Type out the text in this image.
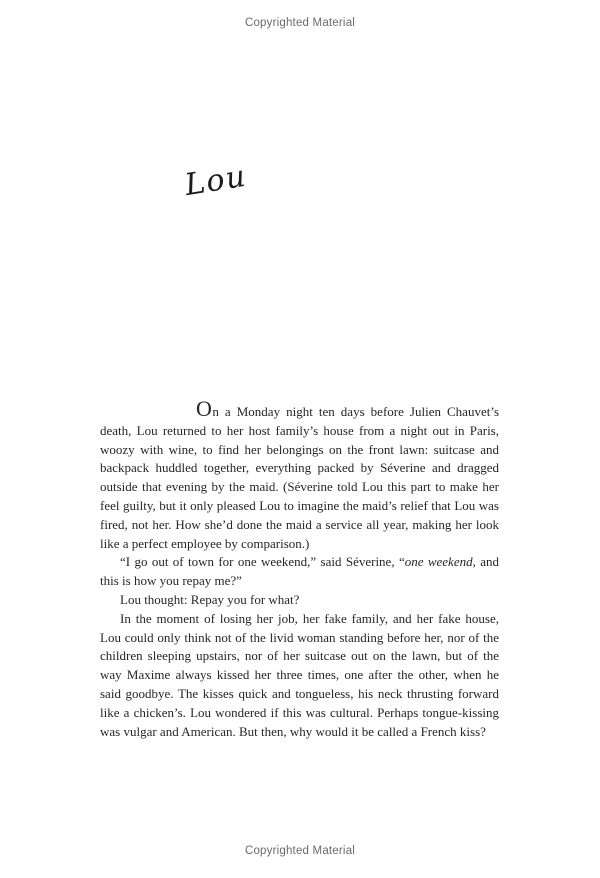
Copyrighted Material
Lou

On a Monday night ten days before Julien Chauvet’s death, Lou returned to her host family’s house from a night out in Paris, woozy with wine, to find her belongings on the front lawn: suitcase and backpack huddled together, everything packed by Séverine and dragged outside that evening by the maid. (Séverine told Lou this part to make her feel guilty, but it only pleased Lou to imagine the maid’s relief that Lou was fired, not her. How she’d done the maid a service all year, making her look like a perfect employee by comparison.)

“I go out of town for one weekend,” said Séverine, “one weekend, and this is how you repay me?”

Lou thought: Repay you for what?

In the moment of losing her job, her fake family, and her fake house, Lou could only think not of the livid woman standing before her, nor of the children sleeping upstairs, nor of her suitcase out on the lawn, but of the way Maxime always kissed her three times, one after the other, when he said goodbye. The kisses quick and tongueless, his neck thrusting forward like a chicken’s. Lou wondered if this was cultural. Perhaps tongue-kissing was vulgar and American. But then, why would it be called a French kiss?

Copyrighted Material
